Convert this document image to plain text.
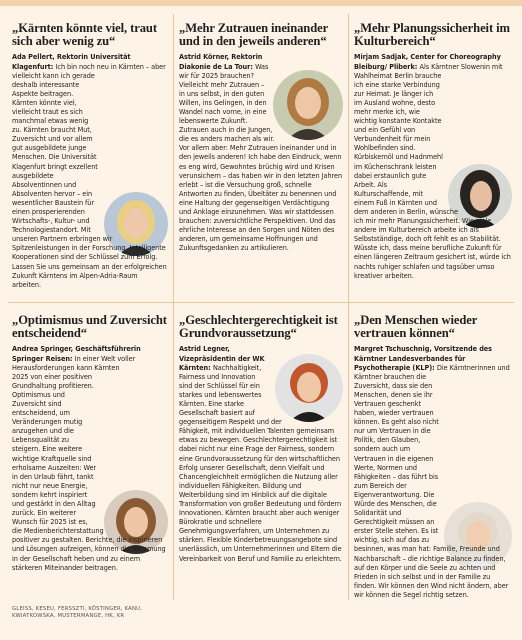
„Kärnten könnte viel, traut sich aber wenig zu“

Ada Pellert, Rektorin Universität Klagenfurt: Ich bin noch neu in Kärnten – aber vielleicht kann ich gerade deshalb interessante Aspekte beitragen. Kärnten könnte viel, vielleicht traut es sich manchmal etwas wenig zu. Kärnten braucht Mut, Zuversicht und vor allem gut ausgebildete junge Menschen. Die Universität Klagenfurt bringt exzellent ausgebildete Absolventinnen und Absolventen hervor – ein wesentlicher Baustein für einen prosperierenden Wirtschafts-, Kultur- und Technologiestandort. Mit unseren Partnern erbringen wir Spitzenleistungen in der Forschung. Intelligente Kooperationen sind der Schlüssel zum Erfolg. Lassen Sie uns gemeinsam an der erfolgreichen Zukunft Kärntens im Alpen-Adria-Raum arbeiten.

„Mehr Zutrauen ineinander und in den jeweils anderen“

Astrid Körner, Rektorin Diakonie de La Tour: Was wir für 2025 brauchen? Vielleicht mehr Zutrauen – in uns selbst, in den guten Willen, ins Gelingen, in den Wandel nach vorne, in eine lebenswerte Zukunft. Zutrauen auch in die Jungen, die es anders machen als wir. Vor allem aber: Mehr Zutrauen ineinander und in den jeweils anderen! Ich habe den Eindruck, wenn es eng wird, Gewohntes brüchig wird und Krisen verunsichern – das haben wir in den letzten Jahren erlebt – ist die Versuchung groß, schnelle Antworten zu finden, Übeltäter zu benennen und eine Haltung der gegenseitigen Verdächtigung und Anklage einzunehmen. Was wir stattdessen brauchen: zuversichtliche Perspektiven. Und das ehrliche Interesse an den Sorgen und Nöten des anderen, um gemeinsame Hoffnungen und Zukunftsgedanken zu artikulieren.

„Mehr Planungssicherheit im Kulturbereich“

Mirjam Sadjak, Center for Choreography Bleiburg/ Pliberk: Als Kärntner Slowenin mit Wahlheimat Berlin brauche ich eine starke Verbindung zur Heimat. Je länger ich im Ausland wohne, desto mehr merke ich, wie wichtig konstante Kontakte und ein Gefühl von Verbundenheit für mein Wohlbefinden sind. Kürbiskernöl und Hadnmehl im Küchenschrank leisten dabei erstaunlich gute Arbeit. Als Kulturschaffende, mit einem Fuß in Kärnten und dem anderen in Berlin, wünsche ich mir mehr Planungssicherheit. Wie viele andere im Kulturbereich arbeite ich als Selbstständige, doch oft fehlt es an Stabilität. Wüsste ich, dass meine berufliche Zukunft für einen längeren Zeitraum gesichert ist, würde ich nachts ruhiger schlafen und tagsüber umso kreativer arbeiten.

„Optimismus und Zuversicht entscheidend“

Andrea Springer, Geschäftsführerin Springer Reisen: In einer Welt voller Herausforderungen kann Kärnten 2025 von einer positiven Grundhaltung profitieren. Optimismus und Zuversicht sind entscheidend, um Veränderungen mutig anzugehen und die Lebensqualität zu steigern. Eine weitere wichtige Kraftquelle sind erholsame Auszeiten: Wer in den Urlaub fährt, tankt nicht nur neue Energie, sondern kehrt inspiriert und gestärkt in den Alltag zurück. Ein weiterer Wunsch für 2025 ist es, die Medienberichterstattung positiver zu gestalten. Berichte, die inspirieren und Lösungen aufzeigen, können die Stimmung in der Gesellschaft heben und zu einem stärkeren Miteinander beitragen.

„Geschlechtergerechtigkeit ist Grundvoraussetzung“

Astrid Legner, Vizepräsidentin der WK Kärnten: Nachhaltigkeit, Fairness und Innovation sind der Schlüssel für ein starkes und lebenswertes Kärnten. Eine starke Gesellschaft basiert auf gegenseitigem Respekt und der Fähigkeit, mit individuellen Talenten gemeinsam etwas zu bewegen. Geschlechtergerechtigkeit ist dabei nicht nur eine Frage der Fairness, sondern eine Grundvoraussetzung für den wirtschaftlichen Erfolg unserer Gesellschaft, denn Vielfalt und Chancengleichheit ermöglichen die Nutzung aller individuellen Fähigkeiten. Bildung und Weiterbildung sind im Hinblick auf die digitale Transformation von großer Bedeutung und fördern Innovationen. Kärnten braucht aber auch weniger Bürokratie und schnellere Genehmigungsverfahren, um Unternehmen zu stärken. Flexible Kinderbetreuungsangebote sind unerlässlich, um Unternehmerinnen und Eltern die Vereinbarkeit von Beruf und Familie zu erleichtern.

„Den Menschen wieder vertrauen können“

Margret Tschuschnig, Vorsitzende des Kärntner Landesverbandes für Psychotherapie (KLP): Die Kärntnerinnen und Kärntner brauchen die Zuversicht, dass sie den Menschen, denen sie ihr Vertrauen geschenkt haben, wieder vertrauen können. Es geht also nicht nur um Vertrauen in die Politik, den Glauben, sondern auch um Vertrauen in die eigenen Werte, Normen und Fähigkeiten – das führt bis zum Bereich der Eigenverantwortung. Die Würde des Menschen, die Solidarität und Gerechtigkeit müssen an erster Stelle stehen. Es ist wichtig, sich auf das zu besinnen, was man hat: Familie, Freunde und Nachbarschaft – die richtige Balance zu finden, auf den Körper und die Seele zu achten und Frieden in sich selbst und in der Familie zu finden. Wir können den Wind nicht ändern, aber wir können die Segel richtig setzen.

GLEISS, KESEU, FERSSZTI, KÖSTINGER, KANU, KWIATKOWSKA, MUSTERMANGE, HK, KR
